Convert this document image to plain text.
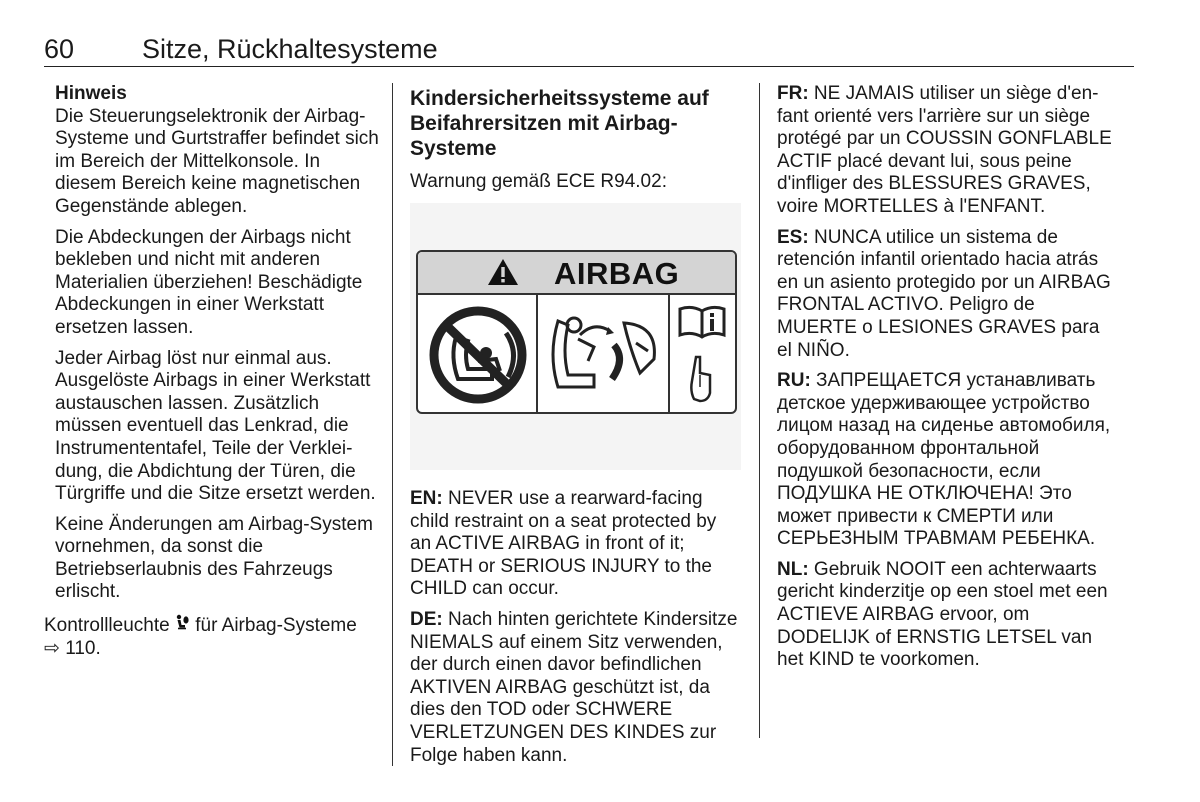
60	Sitze, Rückhaltesysteme
Hinweis

Die Steuerungselektronik der Airbag-Systeme und Gurtstraffer befindet sich im Bereich der Mittelkonsole. In diesem Bereich keine magnetischen Gegenstände ablegen.

Die Abdeckungen der Airbags nicht bekleben und nicht mit anderen Materialien überziehen! Beschädigte Abdeckungen in einer Werkstatt ersetzen lassen.

Jeder Airbag löst nur einmal aus. Ausgelöste Airbags in einer Werkstatt austauschen lassen. Zusätzlich müssen eventuell das Lenkrad, die Instrumententafel, Teile der Verkleidung, die Abdichtung der Türen, die Türgriffe und die Sitze ersetzt werden.

Keine Änderungen am Airbag-System vornehmen, da sonst die Betriebserlaubnis des Fahrzeugs erlischt.

Kontrollleuchte  für Airbag-Systeme
⇨ 110.
Kindersicherheitssysteme auf Beifahrersitzen mit Airbag-Systeme

Warnung gemäß ECE R94.02:

AIRBAG

EN: NEVER use a rearward-facing child restraint on a seat protected by an ACTIVE AIRBAG in front of it; DEATH or SERIOUS INJURY to the CHILD can occur.

DE: Nach hinten gerichtete Kindersitze NIEMALS auf einem Sitz verwenden, der durch einen davor befindlichen AKTIVEN AIRBAG geschützt ist, da dies den TOD oder SCHWERE VERLETZUNGEN DES KINDES zur Folge haben kann.

FR: NE JAMAIS utiliser un siège d'enfant orienté vers l'arrière sur un siège protégé par un COUSSIN GONFLABLE ACTIF placé devant lui, sous peine d'infliger des BLESSURES GRAVES, voire MORTELLES à l'ENFANT.

ES: NUNCA utilice un sistema de retención infantil orientado hacia atrás en un asiento protegido por un AIRBAG FRONTAL ACTIVO. Peligro de MUERTE o LESIONES GRAVES para el NIÑO.

RU: ЗАПРЕЩАЕТСЯ устанавливать детское удерживающее устройство лицом назад на сиденье автомобиля, оборудованном фронтальной подушкой безопасности, если ПОДУШКА НЕ ОТКЛЮЧЕНА! Это может привести к СМЕРТИ или СЕРЬЕЗНЫМ ТРАВМАМ РЕБЕНКА.

NL: Gebruik NOOIT een achterwaarts gericht kinderzitje op een stoel met een ACTIEVE AIRBAG ervoor, om DODELIJK of ERNSTIG LETSEL van het KIND te voorkomen.
